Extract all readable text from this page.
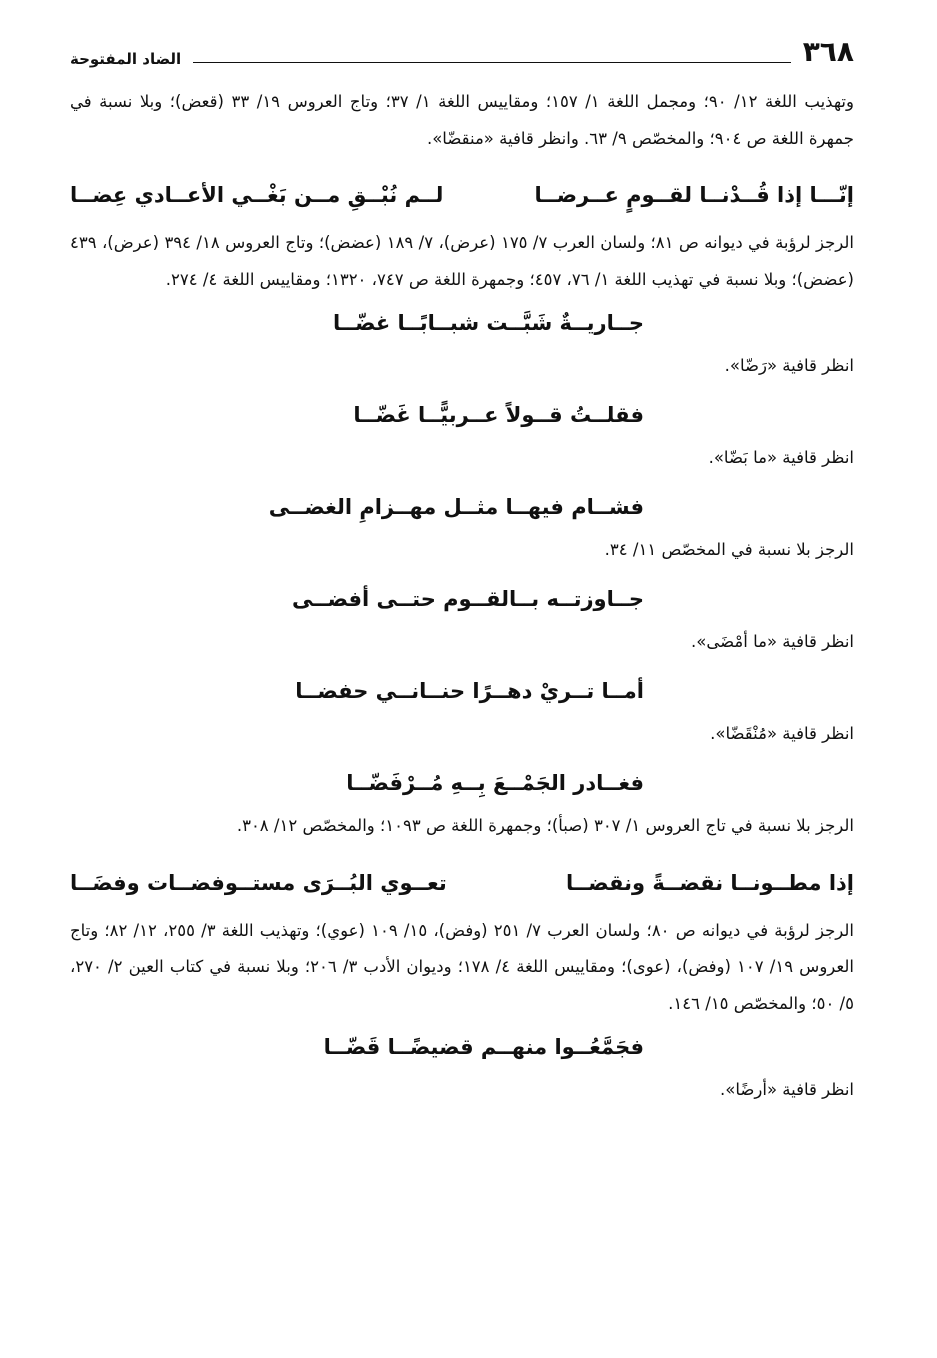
٣٦٨
الضاد المفتوحة

وتهذيب اللغة ١٢/ ٩٠؛ ومجمل اللغة ١/ ١٥٧؛ ومقاييس اللغة ١/ ٣٧؛ وتاج العروس ١٩/ ٣٣ (قعض)؛ وبلا نسبة في جمهرة اللغة ص ٩٠٤؛ والمخصّص ٩/ ٦٣. وانظر قافية «منقضّا».

إنّـــا إذا قُــدْنــا لقــومٍ عــرضــا
لــم نُبْــقِ مــن بَغْــي الأعــادي عِضــا

الرجز لرؤبة في ديوانه ص ٨١؛ ولسان العرب ٧/ ١٧٥ (عرض)، ٧/ ١٨٩ (عضض)؛ وتاج العروس ١٨/ ٣٩٤ (عرض)، ٤٣٩ (عضض)؛ وبلا نسبة في تهذيب اللغة ١/ ٧٦، ٤٥٧؛ وجمهرة اللغة ص ٧٤٧، ١٣٢٠؛ ومقاييس اللغة ٤/ ٢٧٤.

جــاريــةٌ شَبَّــت شبــابًــا غضّــا

انظر قافية «رَضّا».

فقلــتُ قــولاً عــربيًّــا غَضّــا

انظر قافية «ما بَضّا».

فشــام فيهــا مثــل مهــزامِ الغضــى

الرجز بلا نسبة في المخصّص ١١/ ٣٤.

جــاوزتــه بــالقــوم حتــى أفضــى

انظر قافية «ما أمْضَى».

أمــا تــريْ دهــرًا حنــانــي حفضــا

انظر قافية «مُنْقَضّا».

فغــادر الجَمْــعَ بِــهِ مُــرْفَضّــا

الرجز بلا نسبة في تاج العروس ١/ ٣٠٧ (صبأ)؛ وجمهرة اللغة ص ١٠٩٣؛ والمخصّص ١٢/ ٣٠٨.

إذا مطــونــا نقضــةً ونقضــا
تعــوي البُــرَى مستــوفضــات وفضَــا

الرجز لرؤبة في ديوانه ص ٨٠؛ ولسان العرب ٧/ ٢٥١ (وفض)، ١٥/ ١٠٩ (عوي)؛ وتهذيب اللغة ٣/ ٢٥٥، ١٢/ ٨٢؛ وتاج العروس ١٩/ ١٠٧ (وفض)، (عوى)؛ ومقاييس اللغة ٤/ ١٧٨؛ وديوان الأدب ٣/ ٢٠٦؛ وبلا نسبة في كتاب العين ٢/ ٢٧٠، ٥/ ٥٠؛ والمخصّص ١٥/ ١٤٦.

فجَمَّعُــوا منهــم قضيضًــا قَضّــا

انظر قافية «أرضًا».
